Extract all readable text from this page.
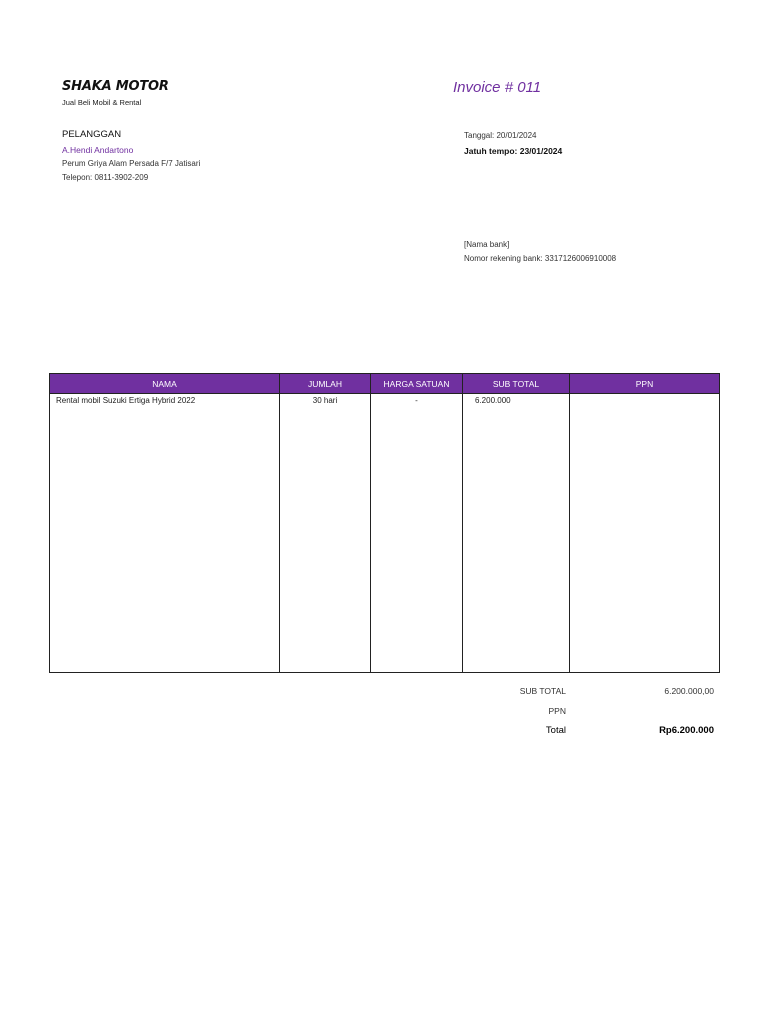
SHAKA MOTOR
Jual Beli Mobil & Rental
Invoice # 011
PELANGGAN
A.Hendi Andartono
Perum Griya Alam Persada F/7 Jatisari
Telepon: 0811-3902-209
Tanggal: 20/01/2024
Jatuh tempo: 23/01/2024
[Nama bank]
Nomor rekening bank: 3317126006910008
NAMA	JUMLAH	HARGA SATUAN	SUB TOTAL	PPN
Rental mobil Suzuki Ertiga Hybrid 2022	30 hari	-	6.200.000	

SUB TOTAL	6.200.000,00
PPN
Total	Rp6.200.000
